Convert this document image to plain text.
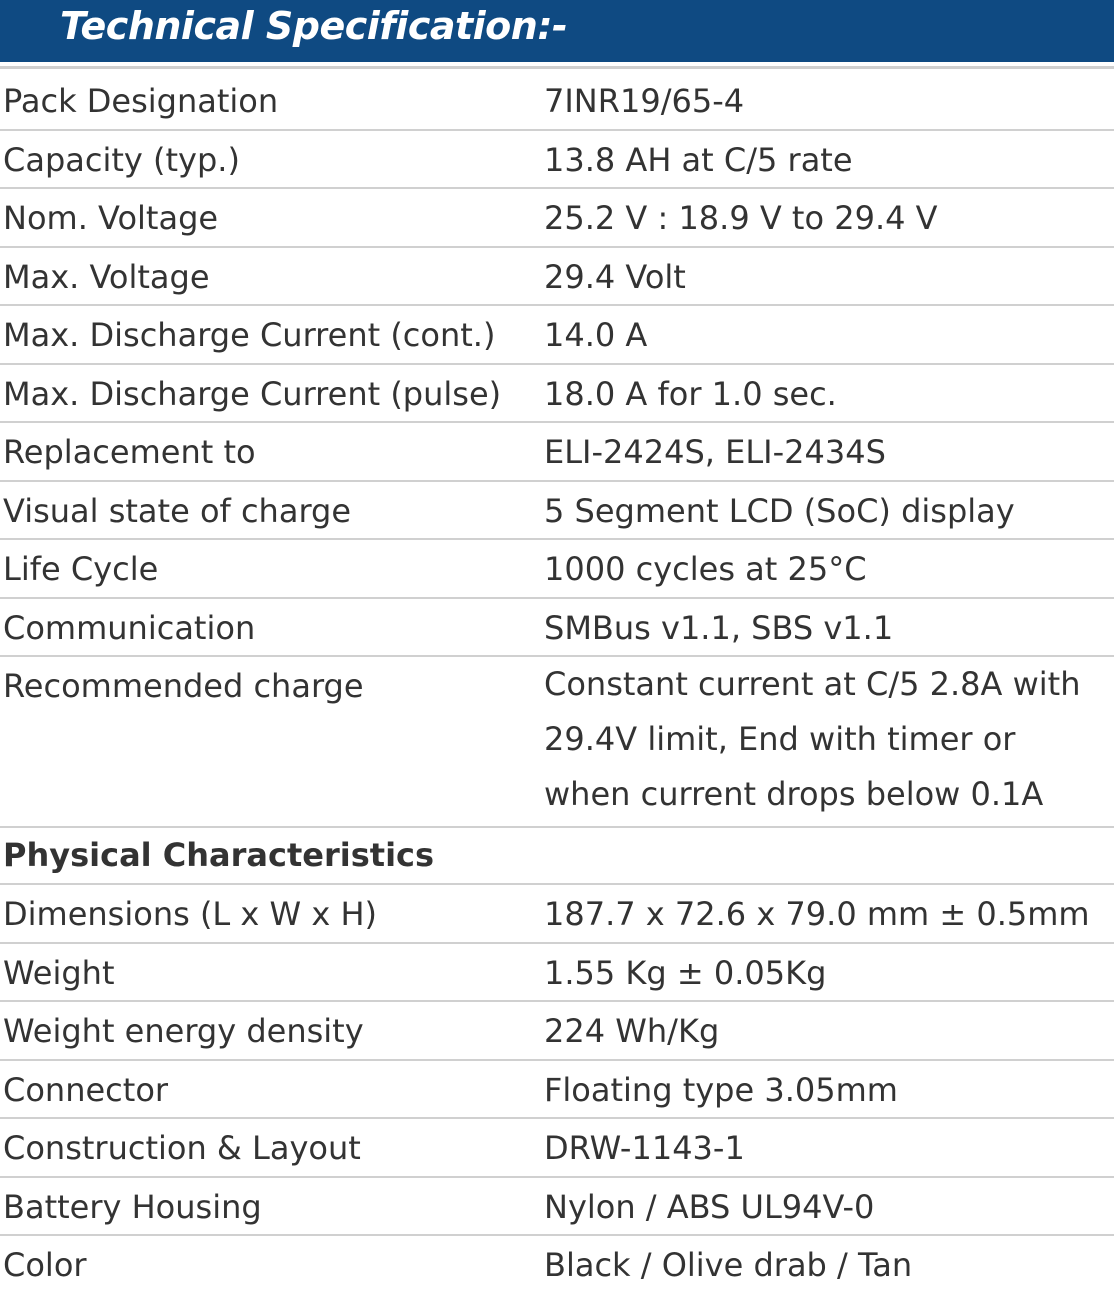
Technical Specification:-
Pack Designation	7INR19/65-4
Capacity (typ.)	13.8 AH at C/5 rate
Nom. Voltage	25.2 V : 18.9 V to 29.4 V
Max. Voltage	29.4 Volt
Max. Discharge Current (cont.) 14.0 A
Max. Discharge Current (pulse) 18.0 A for 1.0 sec.
Replacement to	ELI-2424S, ELI-2434S
Visual state of charge	5 Segment LCD (SoC) display
Life Cycle	1000 cycles at 25°C
Communication	SMBus v1.1, SBS v1.1
Recommended charge	Constant current at C/5 2.8A with
29.4V limit, End with timer or
when current drops below 0.1A
Physical Characteristics
Dimensions (L x W x H)	187.7 x 72.6 x 79.0 mm ± 0.5mm
Weight	1.55 Kg ± 0.05Kg
Weight energy density	224 Wh/Kg
Connector	Floating type 3.05mm
Construction & Layout	DRW-1143-1
Battery Housing	Nylon / ABS UL94V-0
Color	Black / Olive drab / Tan
